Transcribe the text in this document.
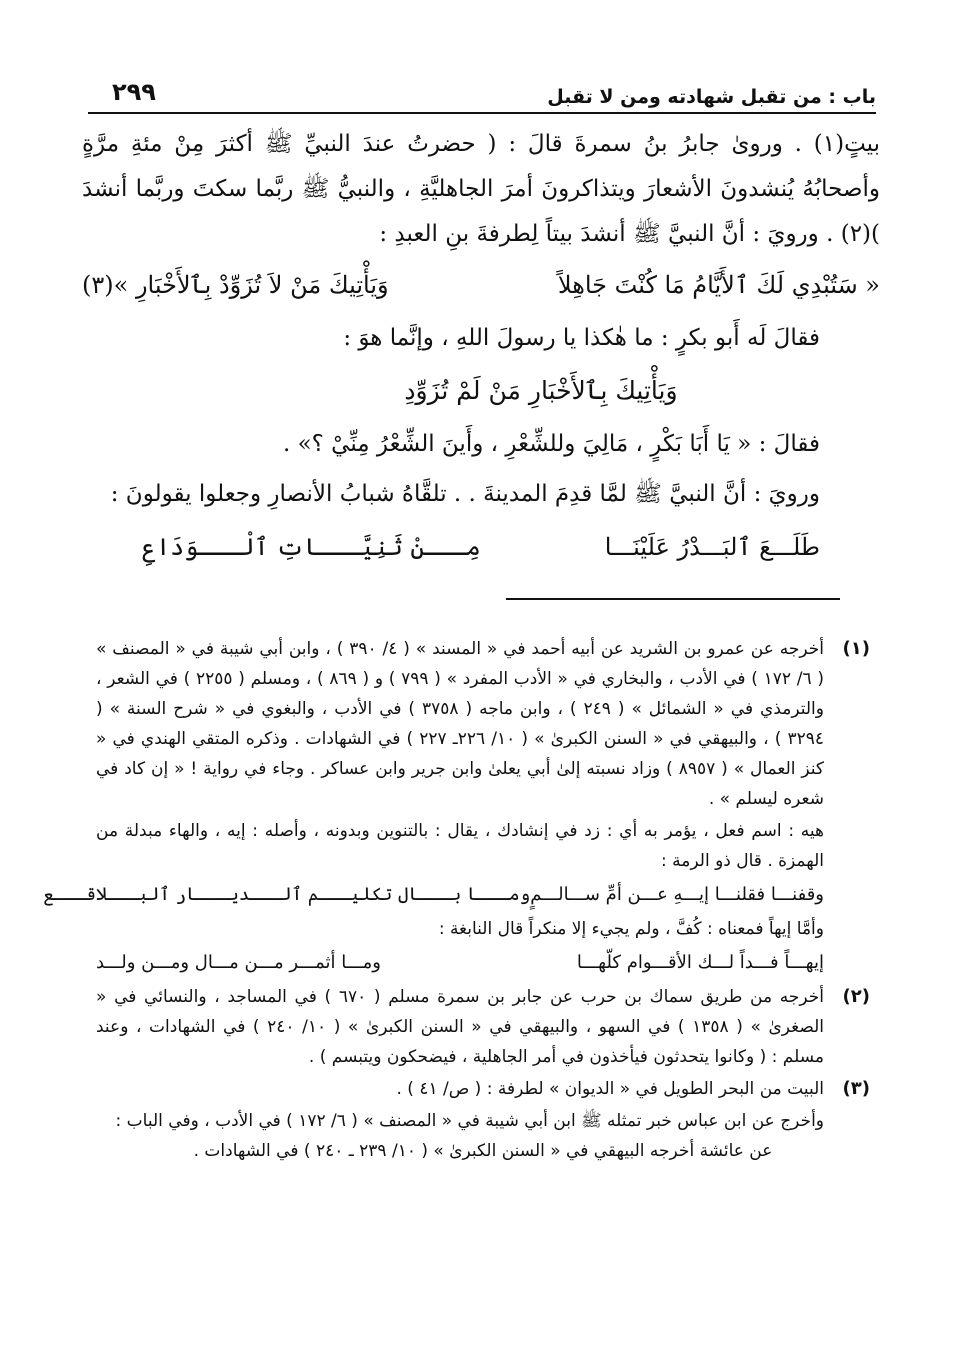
باب : من تقبل شهادته ومن لا تقبل
٢٩٩

بيتٍ(١) . وروىٰ جابرُ بنُ سمرةَ قالَ : ( حضرتُ عندَ النبيِّ ﷺ أكثرَ مِنْ مئةِ مرَّةٍ وأصحابُهُ يُنشدونَ الأشعارَ ويتذاكرونَ أمرَ الجاهليَّةِ ، والنبيُّ ﷺ ربَّما سكتَ وربَّما أنشدَ )(٢) . ورويَ : أنَّ النبيَّ ﷺ أنشدَ بيتاً لِطرفةَ بنِ العبدِ :

« سَتُبْدِي لَكَ ٱلأَيَّامُ مَا كُنْتَ جَاهِلاً
وَيَأْتِيكَ مَنْ لاَ تُزَوِّدْ بِٱلأَخْبَارِ »(٣)
فقالَ لَه أَبو بكرٍ : ما هٰكذا يا رسولَ اللهِ ، وإنَّما هوَ :
وَيَأْتِيكَ بِٱلأَخْبَارِ مَنْ لَمْ تُزَوِّدِ
فقالَ : « يَا أَبَا بَكْرٍ ، مَالِيَ وللشِّعْرِ ، وأَينَ الشِّعْرُ مِنِّيْ ؟» .
ورويَ : أنَّ النبيَّ ﷺ لمَّا قدِمَ المدينةَ . . تلقَّاهُ شبابُ الأنصارِ وجعلوا يقولونَ :
طَلَـــعَ ٱلبَـــدْرُ عَلَيْنَـــا
مِـــنْ ثَنِيَّـــاتِ ٱلْـــوَدَاعِ
(١)
أخرجه عن عمرو بن الشريد عن أبيه أحمد في « المسند » ( ٤/ ٣٩٠ ) ، وابن أبي شيبة في « المصنف » ( ٦/ ١٧٢ ) في الأدب ، والبخاري في « الأدب المفرد » ( ٧٩٩ ) و ( ٨٦٩ ) ، ومسلم ( ٢٢٥٥ ) في الشعر ، والترمذي في « الشمائل » ( ٢٤٩ ) ، وابن ماجه ( ٣٧٥٨ ) في الأدب ، والبغوي في « شرح السنة » ( ٣٢٩٤ ) ، والبيهقي في « السنن الكبرىٰ » ( ١٠/ ٢٢٦ـ ٢٢٧ ) في الشهادات . وذكره المتقي الهندي في « كنز العمال » ( ٨٩٥٧ ) وزاد نسبته إلىٰ أبي يعلىٰ وابن جرير وابن عساكر . وجاء في رواية ! « إن كاد في شعره ليسلم » .
هيه : اسم فعل ، يؤمر به أي : زد في إنشادك ، يقال : بالتنوين وبدونه ، وأصله : إيه ، والهاء مبدلة من الهمزة . قال ذو الرمة :
وقفنـــا فقلنـــا إيـــهِ عـــن أمِّ ســـالـــمٍ
ومـــا بـــال تكليـــم ٱلـــديـــار ٱلبـــلاقـــع
وأمَّا إيهاً فمعناه : كُفَّ ، ولم يجيء إلا منكراً قال النابغة :
إيهـــاً فـــداً لـــك الأقـــوام كلّهـــا
ومـــا أثمـــر مـــن مـــال ومـــن ولـــد
(٢)
أخرجه من طريق سماك بن حرب عن جابر بن سمرة مسلم ( ٦٧٠ ) في المساجد ، والنسائي في « الصغرىٰ » ( ١٣٥٨ ) في السهو ، والبيهقي في « السنن الكبرىٰ » ( ١٠/ ٢٤٠ ) في الشهادات ، وعند مسلم : ( وكانوا يتحدثون فيأخذون في أمر الجاهلية ، فيضحكون ويتبسم ) .
(٣)
البيت من البحر الطويل في « الديوان » لطرفة : ( ص/ ٤١ ) .
وأخرج عن ابن عباس خبر تمثله ﷺ ابن أبي شيبة في « المصنف » ( ٦/ ١٧٢ ) في الأدب ، وفي الباب :
عن عائشة أخرجه البيهقي في « السنن الكبرىٰ » ( ١٠/ ٢٣٩ ـ ٢٤٠ ) في الشهادات .
